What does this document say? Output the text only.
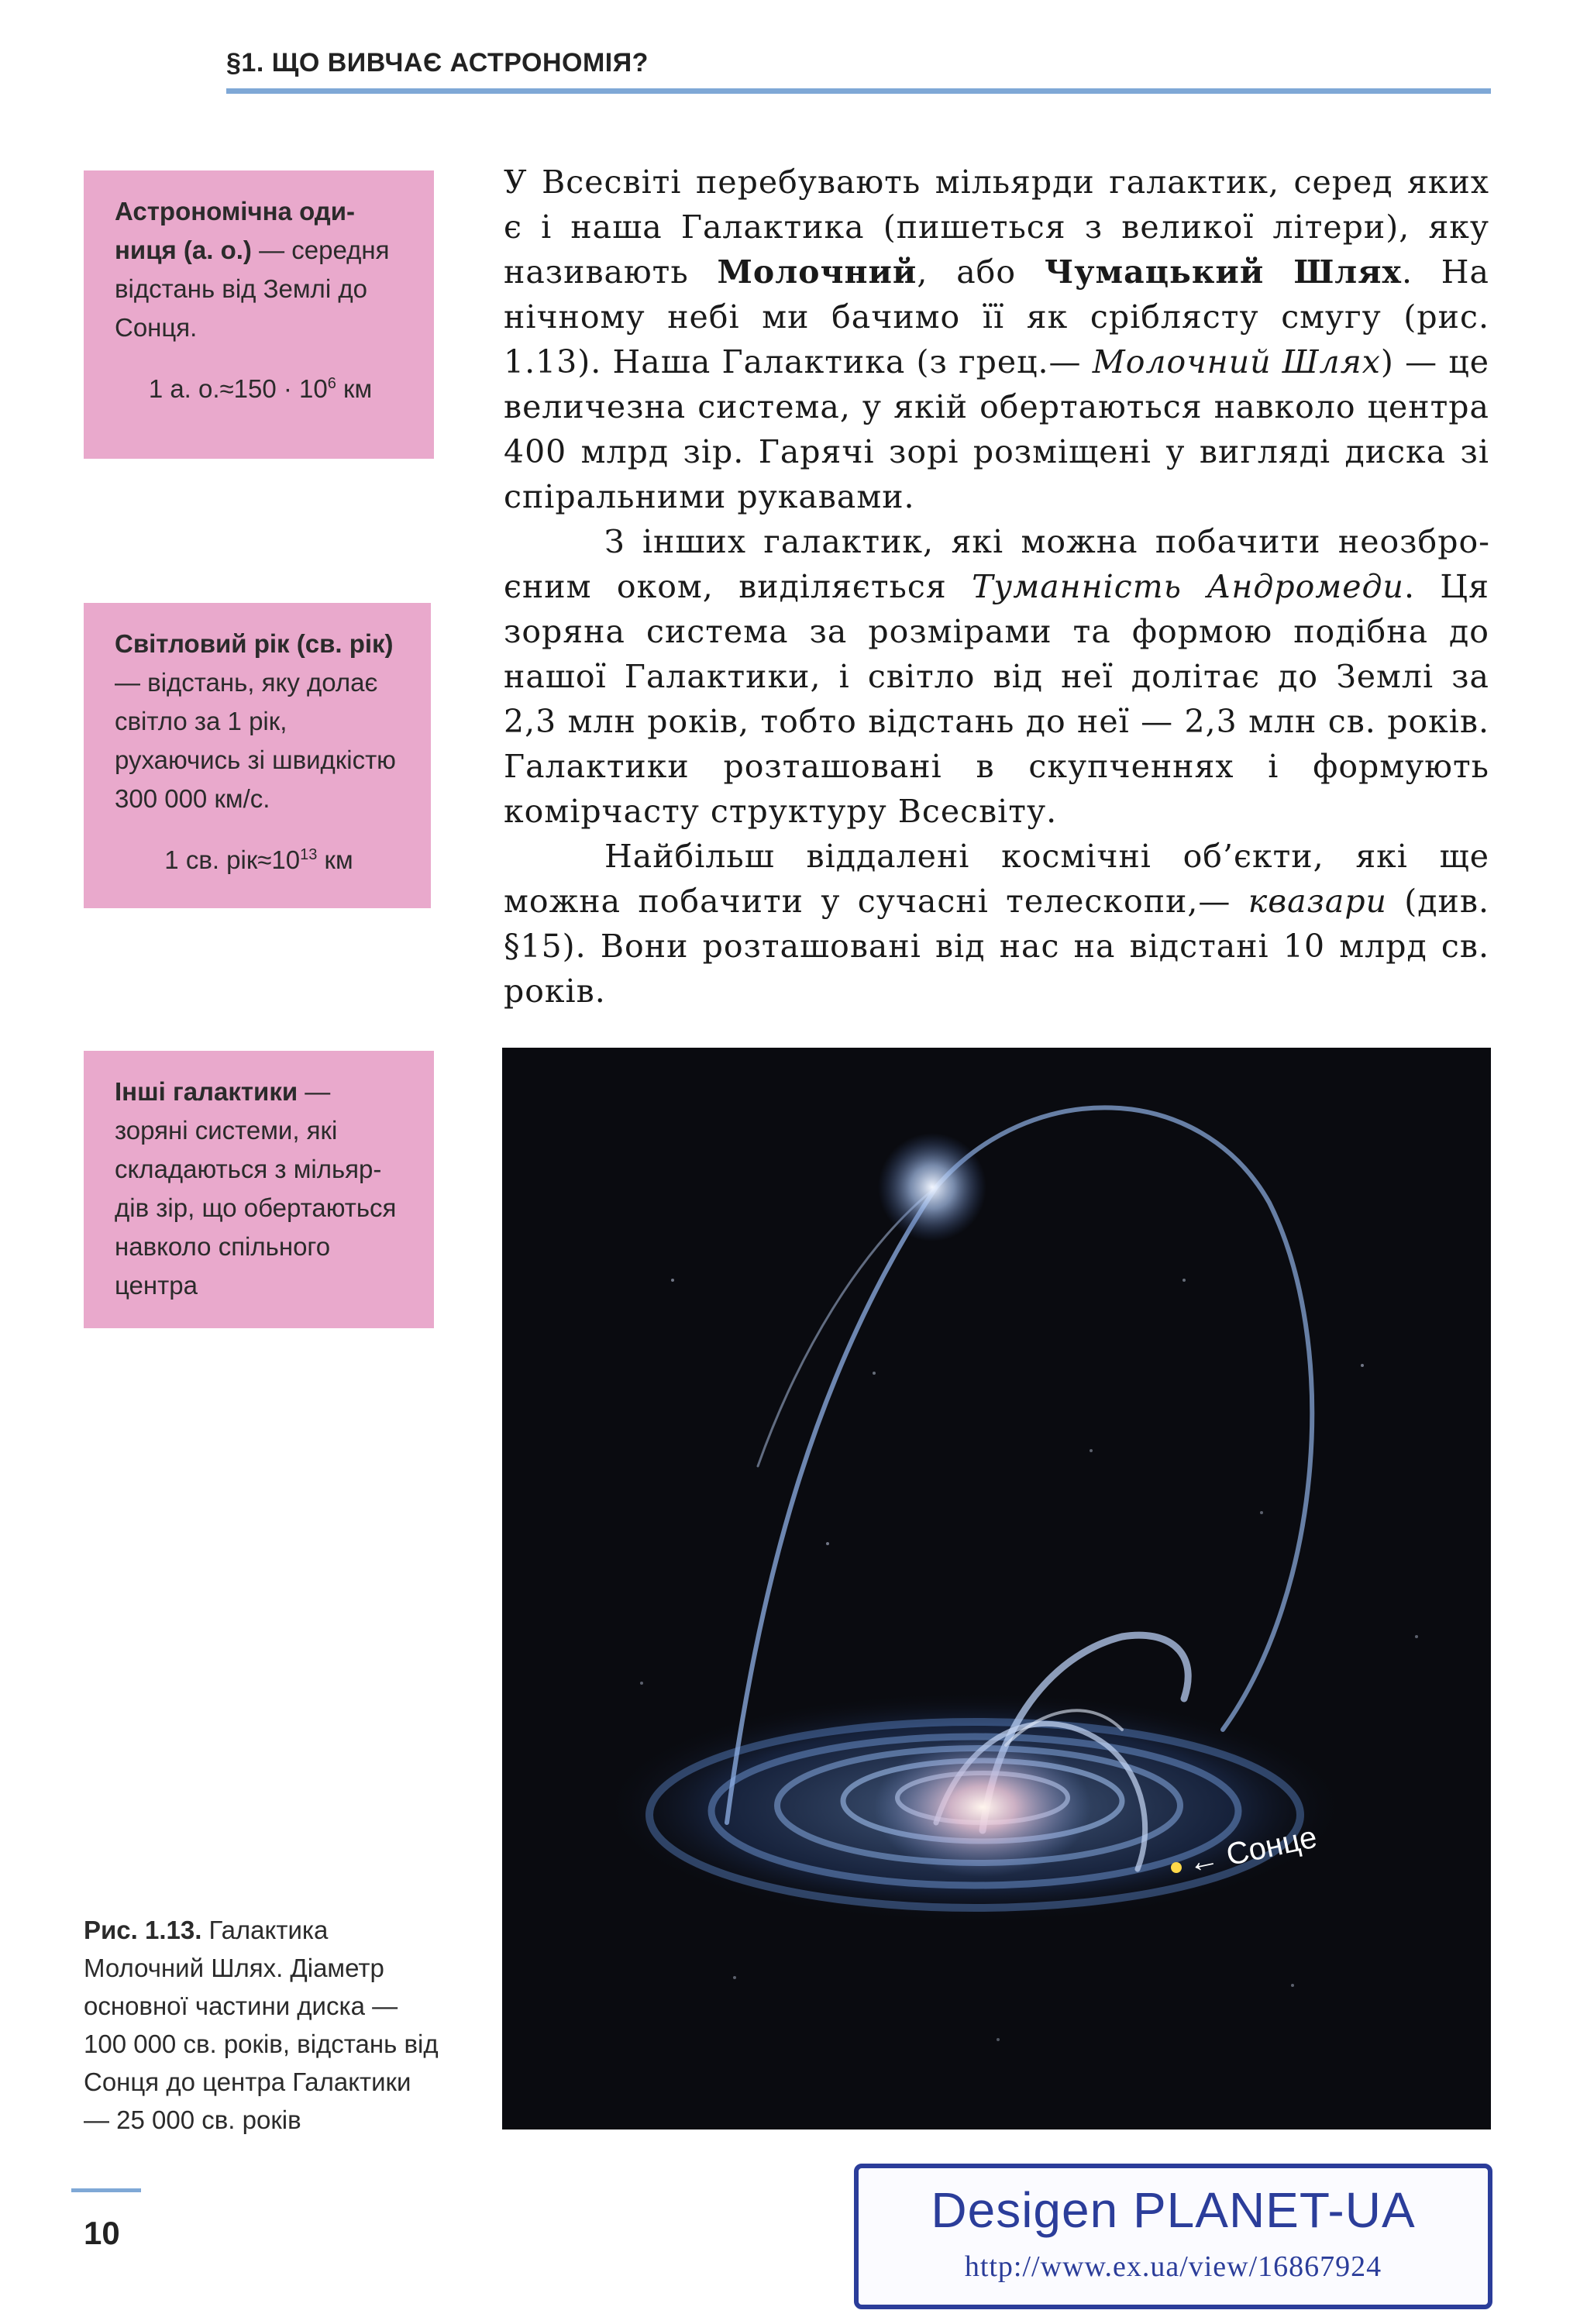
§1. ЩО ВИВЧАЄ АСТРОНОМІЯ?
Астрономічна одиниця (а. о.) — середня відстань від Землі до Сонця.
1 а. $о.\approx 150 \cdot 10^6$ км
Світловий рік (св. рік) — відстань, яку долає світло за 1 рік, рухаючись зі швидкістю 300 000 км/с.
1 св. $рік\approx 10^{13}$ км
Інші галактики — зоряні системи, які складаються з мільярдів зір, що обертаються навколо спільного центра

У Всесвіті перебувають мільярди галактик, серед яких є і наша Галактика (пишеться з великої літери), яку називають Молочний, або Чумацький Шлях. На нічному небі ми бачимо її як сріблясту смугу (рис. 1.13). Наша Галактика (з грец.— Молочний Шлях) — це величезна система, у якій обертаються навколо центра 400 млрд зір. Гарячі зорі розміщені у вигляді диска зі спіральними рукавами.

З інших галактик, які можна побачити неозброєним оком, виділяється Туманність Андромеди. Ця зоряна система за розмірами та формою подібна до нашої Галактики, і світло від неї долітає до Землі за 2,3 млн років, тобто відстань до неї — 2,3 млн св. років. Галактики розташовані в скупченнях і формують комірчасту структуру Всесвіту.

Найбільш віддалені космічні об’єкти, які ще можна побачити у сучасні телескопи,— квазари (див. §15). Вони розташовані від нас на відстані 10 млрд св. років.

← Сонце
Рис. 1.13. Галактика Молочний Шлях. Діаметр основної частини диска — 100 000 св. років, відстань від Сонця до центра Галактики — 25 000 св. років
10	Desigen PLANET-UA
http://www.ex.ua/view/16867924
